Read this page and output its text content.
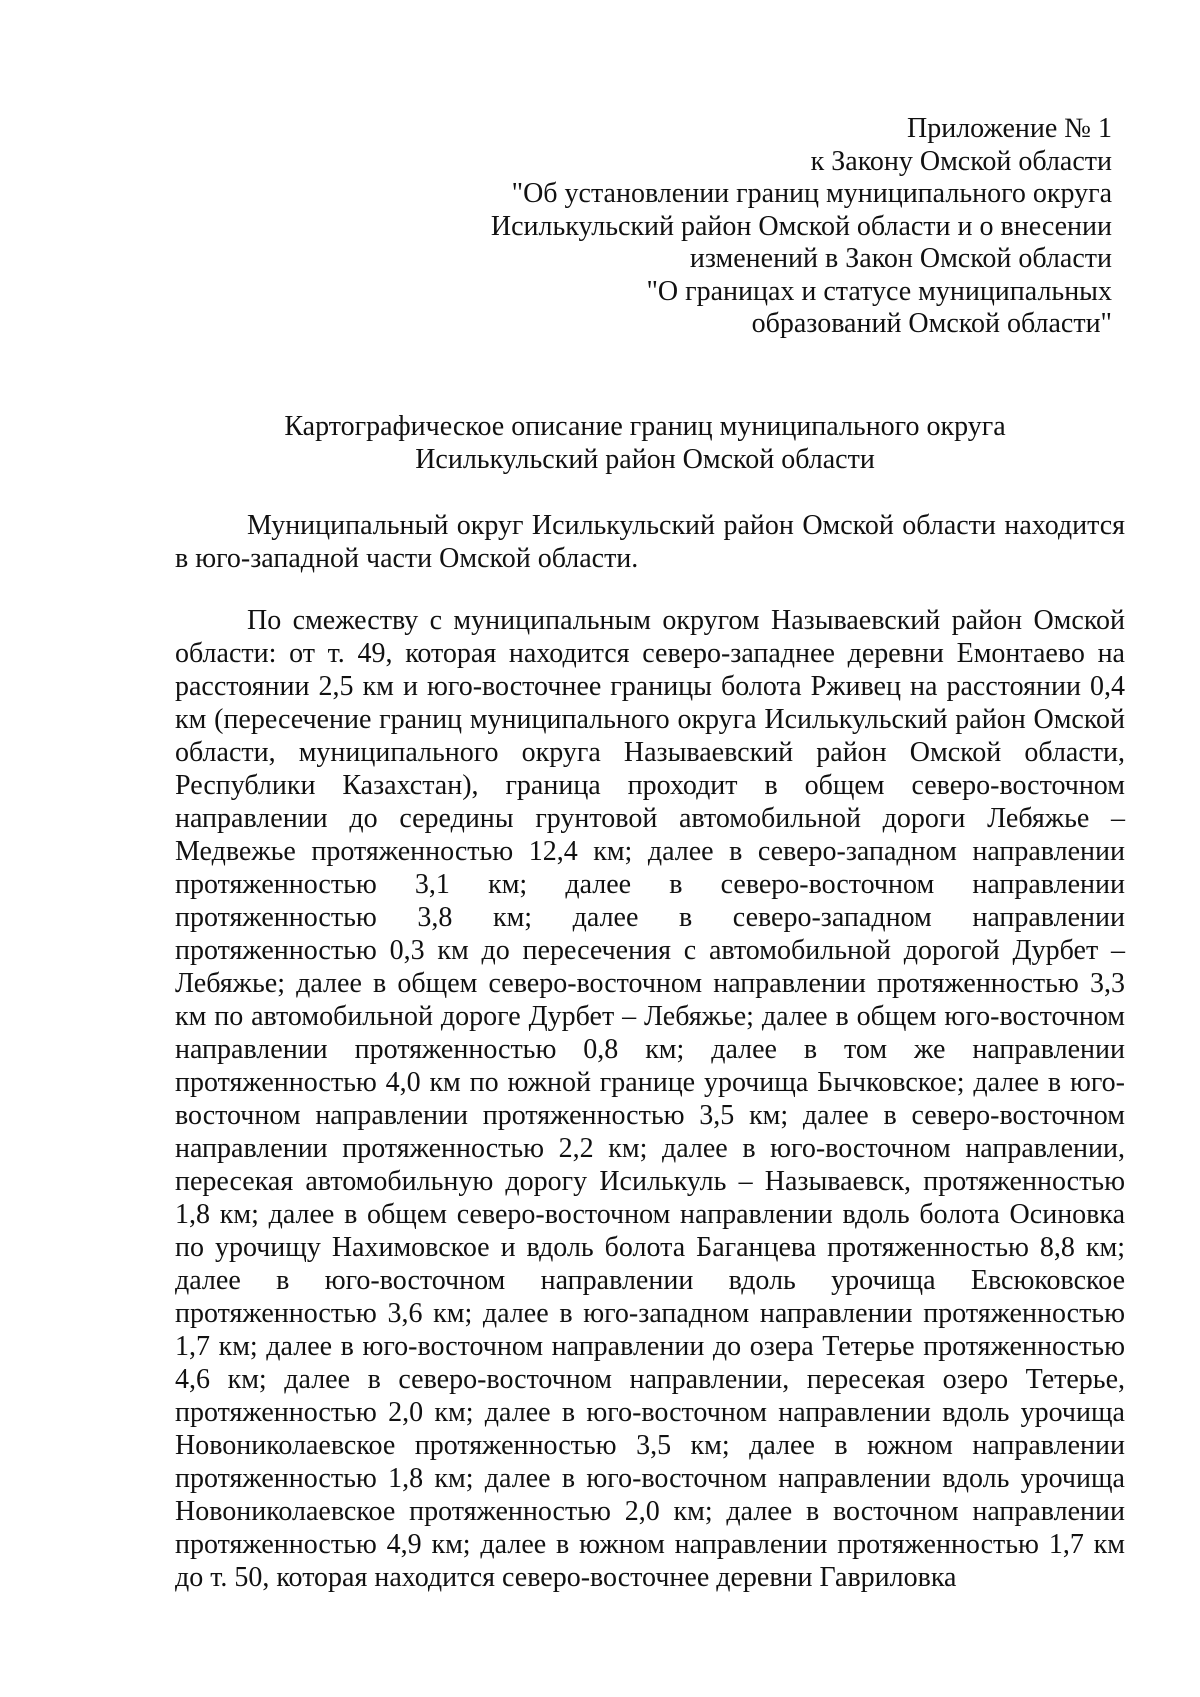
Приложение № 1
к Закону Омской области
"Об установлении границ муниципального округа
Исилькульский район Омской области и о внесении
изменений в Закон Омской области
"О границах и статусе муниципальных
образований Омской области"
Картографическое описание границ муниципального округа
Исилькульский район Омской области

Муниципальный округ Исилькульский район Омской области находится в юго-западной части Омской области.

По смежеству с муниципальным округом Называевский район Омской области: от т. 49, которая находится северо-западнее деревни Емонтаево на расстоянии 2,5 км и юго-восточнее границы болота Рживец на расстоянии 0,4 км (пересечение границ муниципального округа Исилькульский район Омской области, муниципального округа Называевский район Омской области, Республики Казахстан), граница проходит в общем северо-восточном направлении до середины грунтовой автомобильной дороги Лебяжье – Медвежье протяженностью 12,4 км; далее в северо-западном направлении протяженностью 3,1 км; далее в северо-восточном направлении протяженностью 3,8 км; далее в северо-западном направлении протяженностью 0,3 км до пересечения с автомобильной дорогой Дурбет – Лебяжье; далее в общем северо-восточном направлении протяженностью 3,3 км по автомобильной дороге Дурбет – Лебяжье; далее в общем юго-восточном направлении протяженностью 0,8 км; далее в том же направлении протяженностью 4,0 км по южной границе урочища Бычковское; далее в юго-восточном направлении протяженностью 3,5 км; далее в северо-восточном направлении протяженностью 2,2 км; далее в юго-восточном направлении, пересекая автомобильную дорогу Исилькуль – Называевск, протяженностью 1,8 км; далее в общем северо-восточном направлении вдоль болота Осиновка по урочищу Нахимовское и вдоль болота Баганцева протяженностью 8,8 км; далее в юго-восточном направлении вдоль урочища Евсюковское протяженностью 3,6 км; далее в юго-западном направлении протяженностью 1,7 км; далее в юго-восточном направлении до озера Тетерье протяженностью 4,6 км; далее в северо-восточном направлении, пересекая озеро Тетерье, протяженностью 2,0 км; далее в юго-восточном направлении вдоль урочища Новониколаевское протяженностью 3,5 км; далее в южном направлении протяженностью 1,8 км; далее в юго-восточном направлении вдоль урочища Новониколаевское протяженностью 2,0 км; далее в восточном направлении протяженностью 4,9 км; далее в южном направлении протяженностью 1,7 км до т. 50, которая находится северо-восточнее деревни Гавриловка
